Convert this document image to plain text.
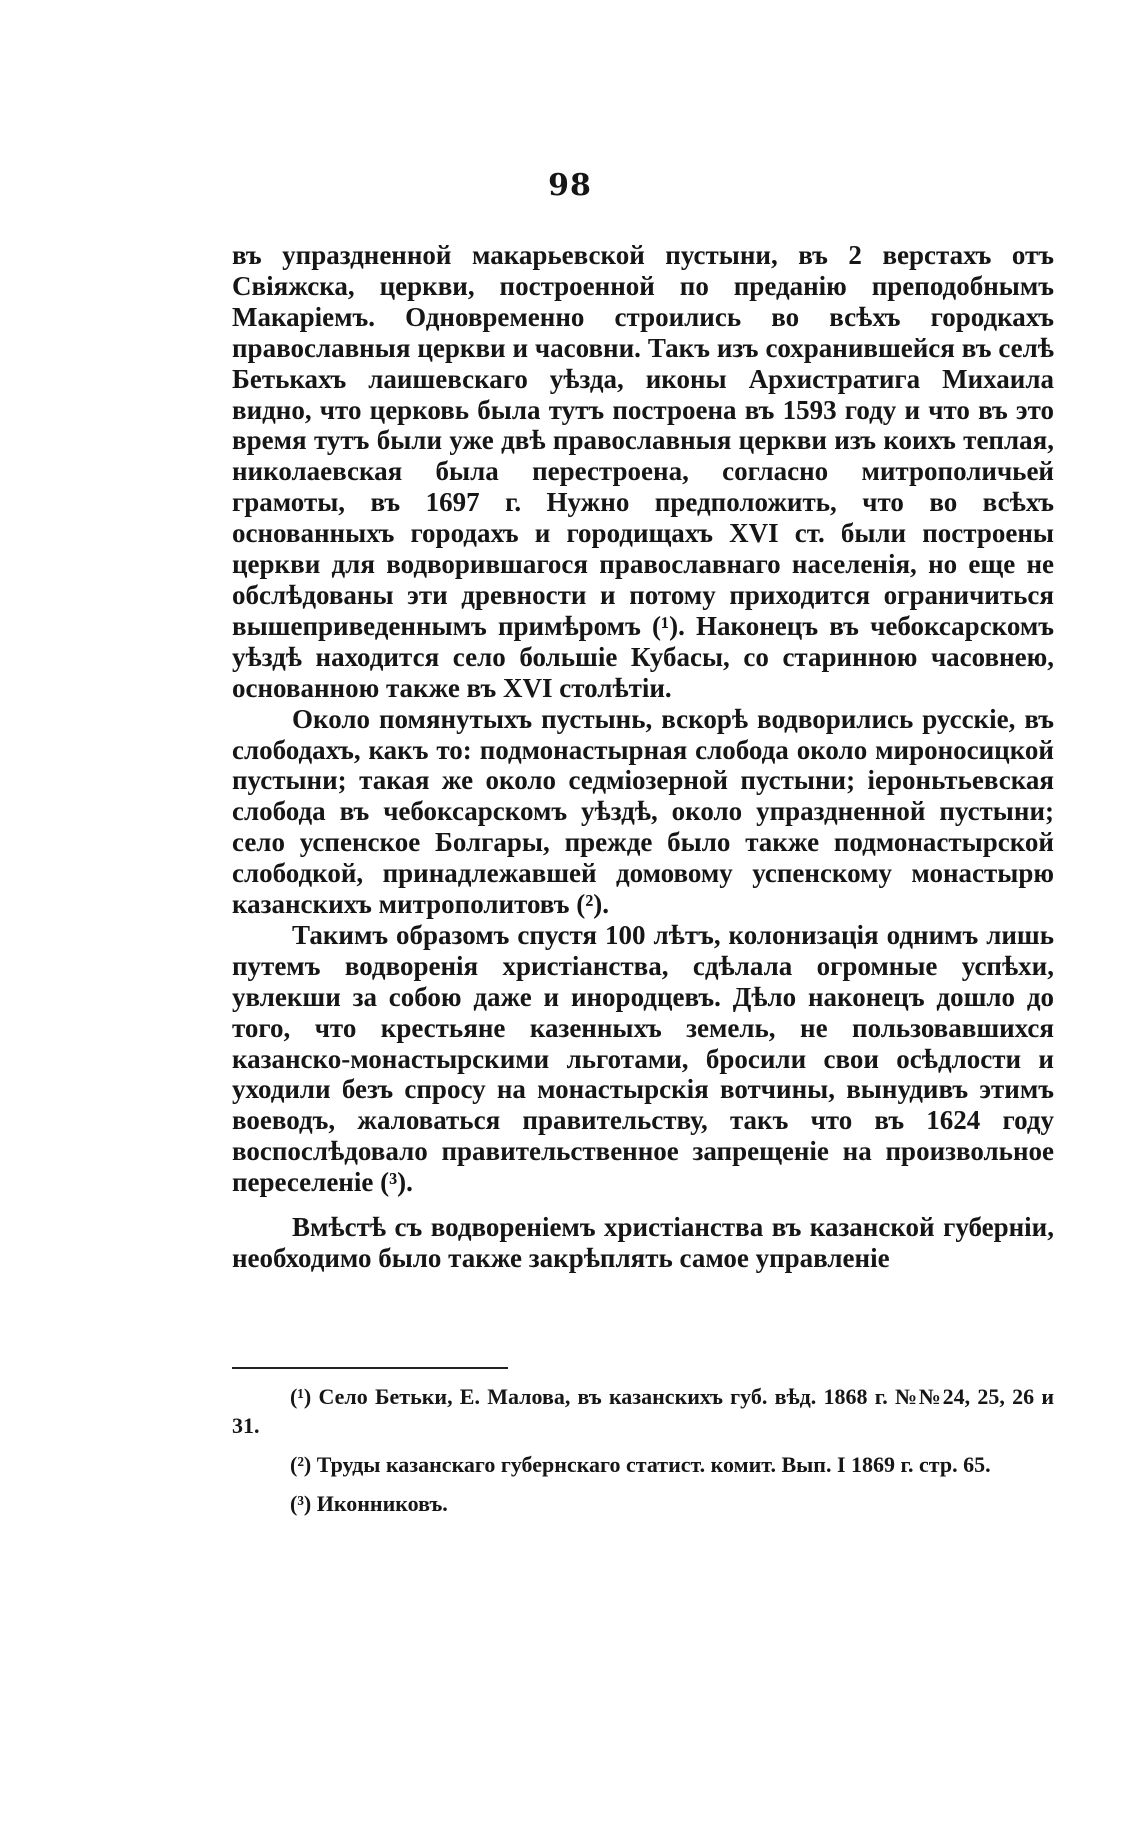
98

въ упраздненной макарьевской пустыни, въ 2 верстахъ отъ Свіяжска, церкви, построенной по преданію преподобнымъ Макаріемъ. Одновременно строились во всѣхъ городкахъ православныя церкви и часовни. Такъ изъ сохранившейся въ селѣ Бетькахъ лаишевскаго уѣзда, иконы Архистратига Михаила видно, что церковь была тутъ построена въ 1593 году и что въ это время тутъ были уже двѣ православныя церкви изъ коихъ теплая, николаевская была перестроена, согласно митрополичьей грамоты, въ 1697 г. Нужно предположить, что во всѣхъ основанныхъ городахъ и городищахъ XVI ст. были построены церкви для водворившагося православнаго населенія, но еще не обслѣдованы эти древности и потому приходится ограничиться вышеприведеннымъ примѣромъ (¹). Наконецъ въ чебоксарскомъ уѣздѣ находится село большіе Кубасы, со старинною часовнею, основанною также въ XVI столѣтіи.

Около помянутыхъ пустынь, вскорѣ водворились русскіе, въ слободахъ, какъ то: подмонастырная слобода около мироносицкой пустыни; такая же около седміозерной пустыни; іероньтьевская слобода въ чебоксарскомъ уѣздѣ, около упраздненной пустыни; село успенское Болгары, прежде было также подмонастырской слободкой, принадлежавшей домовому успенскому монастырю казанскихъ митрополитовъ (²).

Такимъ образомъ спустя 100 лѣтъ, колонизація однимъ лишь путемъ водворенія христіанства, сдѣлала огромные успѣхи, увлекши за собою даже и инородцевъ. Дѣло наконецъ дошло до того, что крестьяне казенныхъ земель, не пользовавшихся казанско-монастырскими льготами, бросили свои осѣдлости и уходили безъ спросу на монастырскія вотчины, вынудивъ этимъ воеводъ, жаловаться правительству, такъ что въ 1624 году воспослѣдовало правительственное запрещеніе на произвольное переселеніе (³).

Вмѣстѣ съ водвореніемъ христіанства въ казанской губерніи, необходимо было также закрѣплять самое управленіе

(¹) Село Бетьки, Е. Малова, въ казанскихъ губ. вѣд. 1868 г. №№24, 25, 26 и 31.

(²) Труды казанскаго губернскаго статист. комит. Вып. I 1869 г. стр. 65.

(³) Иконниковъ.
